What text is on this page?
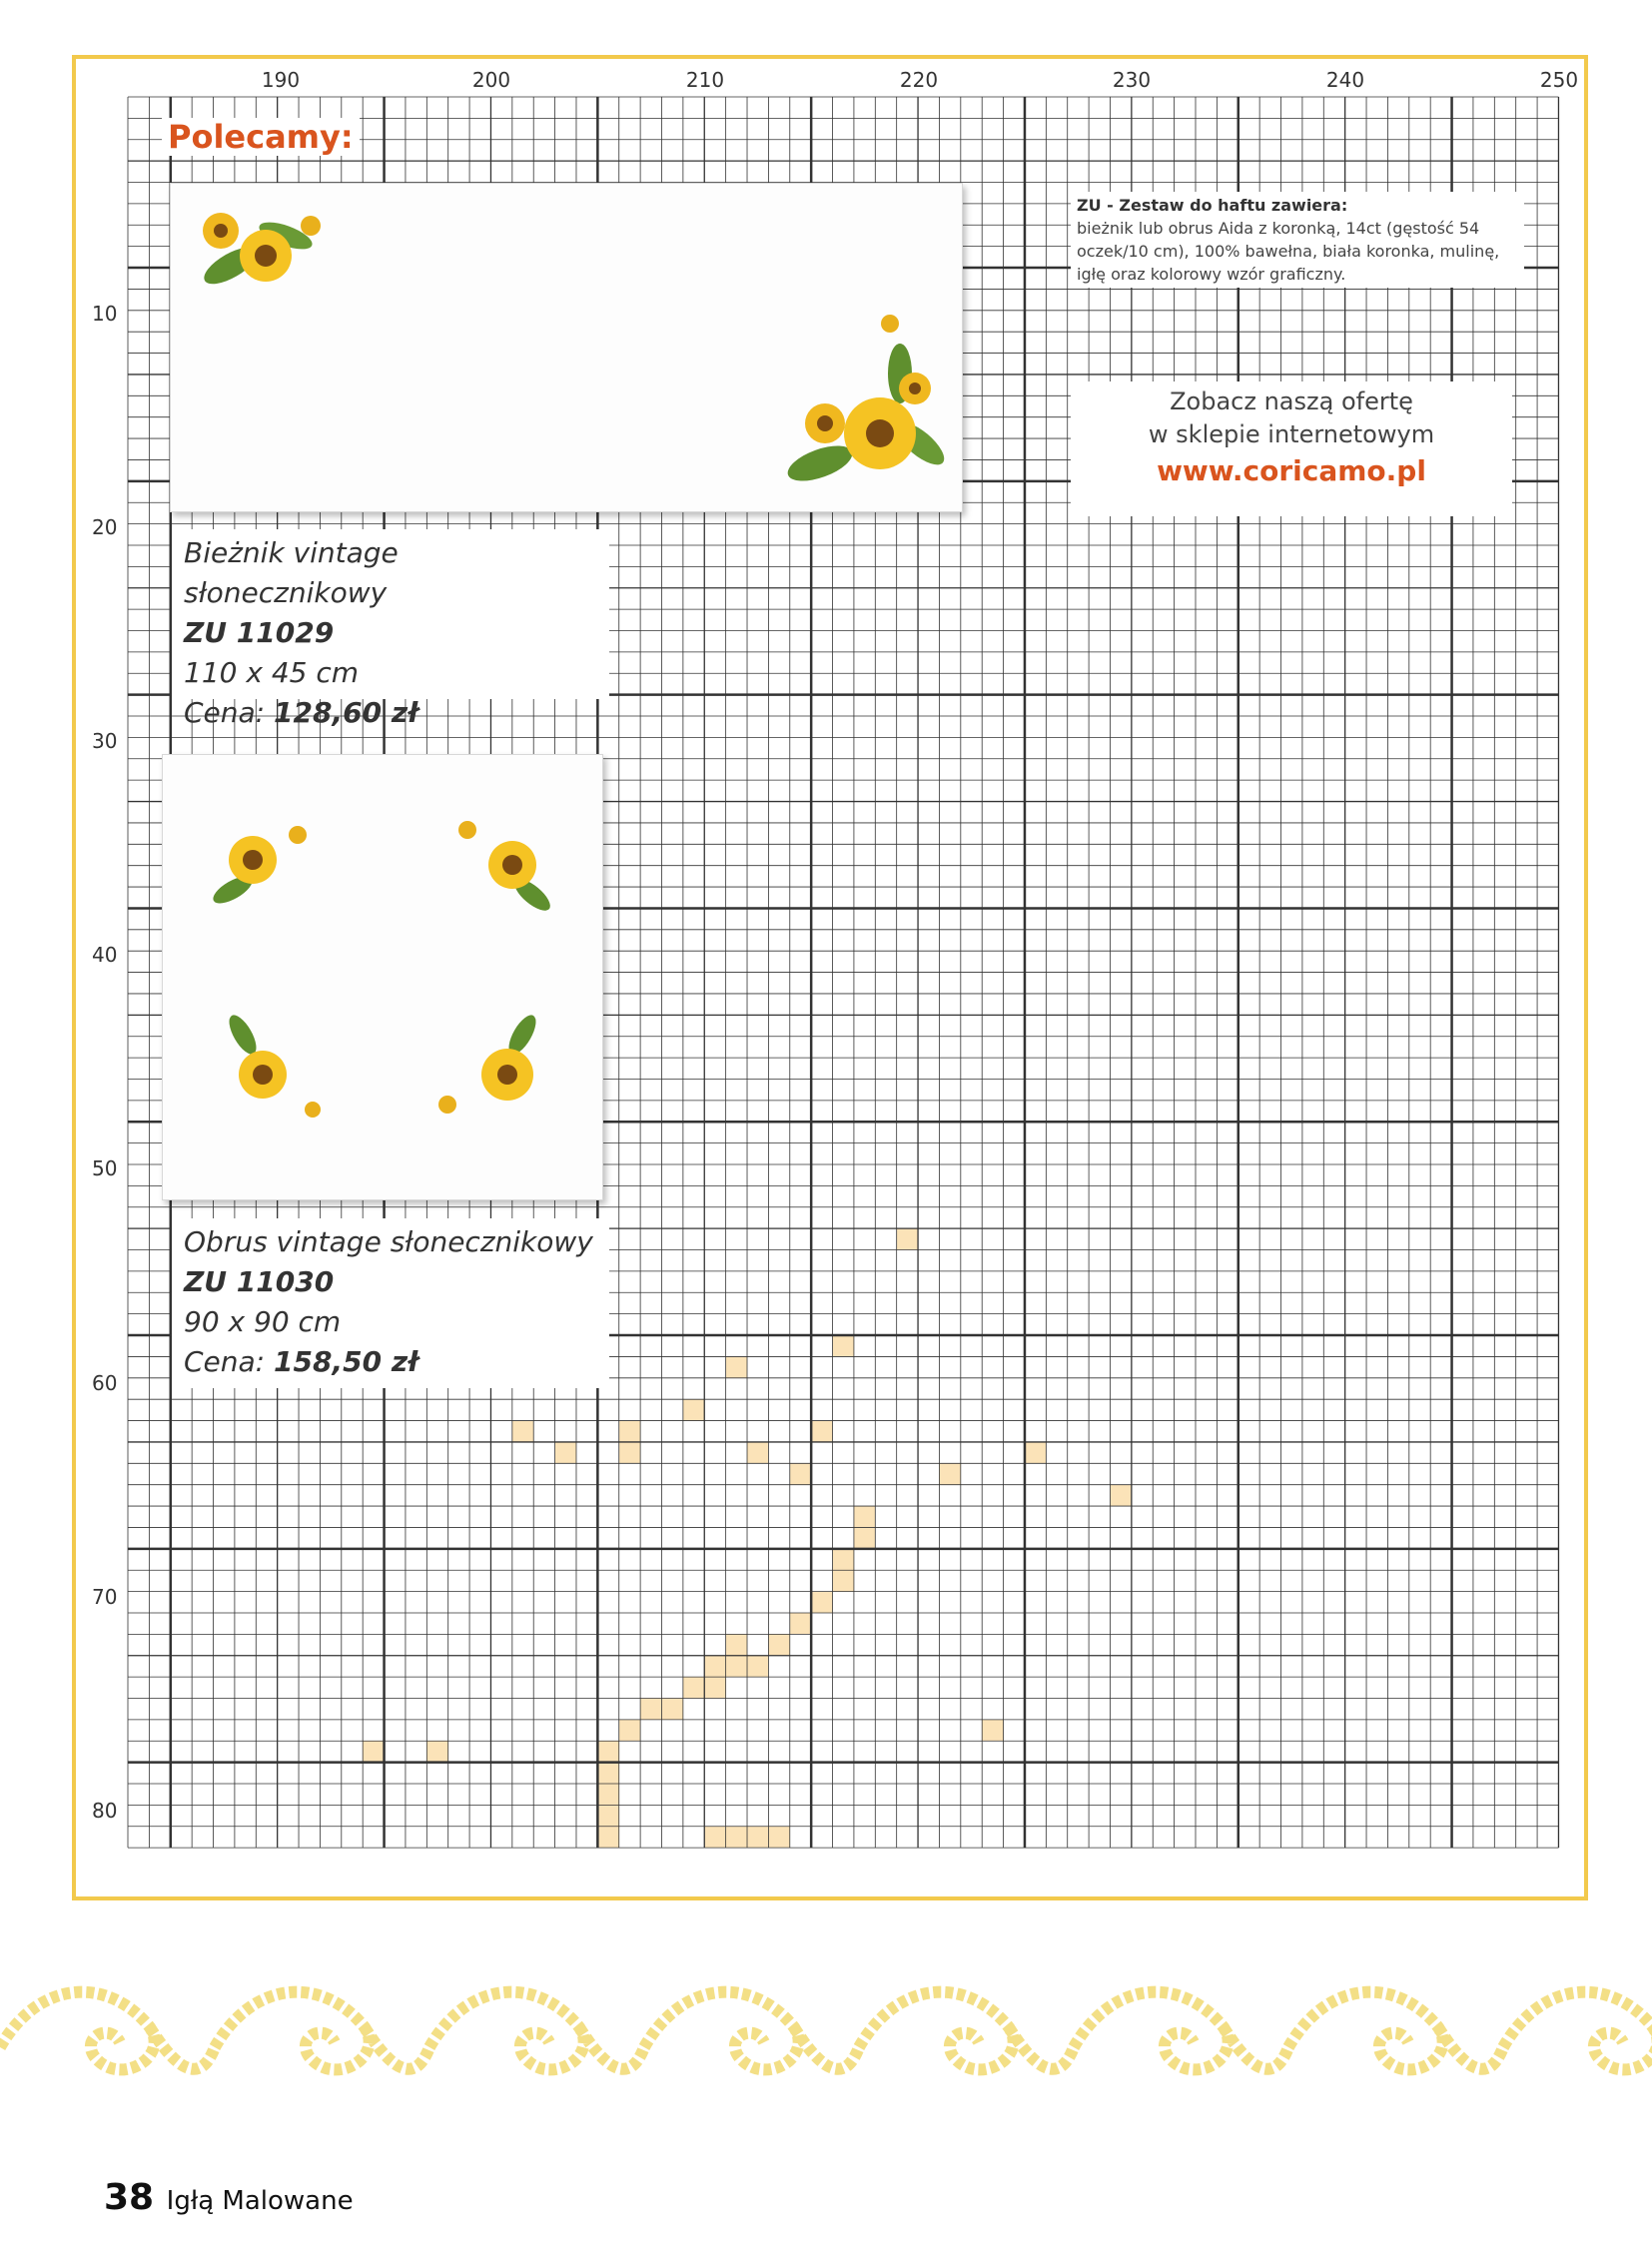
190	200	210	220	230	240	250
10
20
30
40
50
60
70
80
Polecamy:
Bieżnik vintage słonecznikowy
ZU 11029
110 x 45 cm
Cena: 128,60 zł
Obrus vintage słonecznikowy
ZU 11030
90 x 90 cm
Cena: 158,50 zł
ZU - Zestaw do haftu zawiera:
bieżnik lub obrus Aida z koronką, 14ct (gęstość 54 oczek/10 cm), 100% bawełna, biała koronka, mulinę, igłę oraz kolorowy wzór graficzny.
Zobacz naszą ofertę
w sklepie internetowym
www.coricamo.pl
38 Igłą Malowane
